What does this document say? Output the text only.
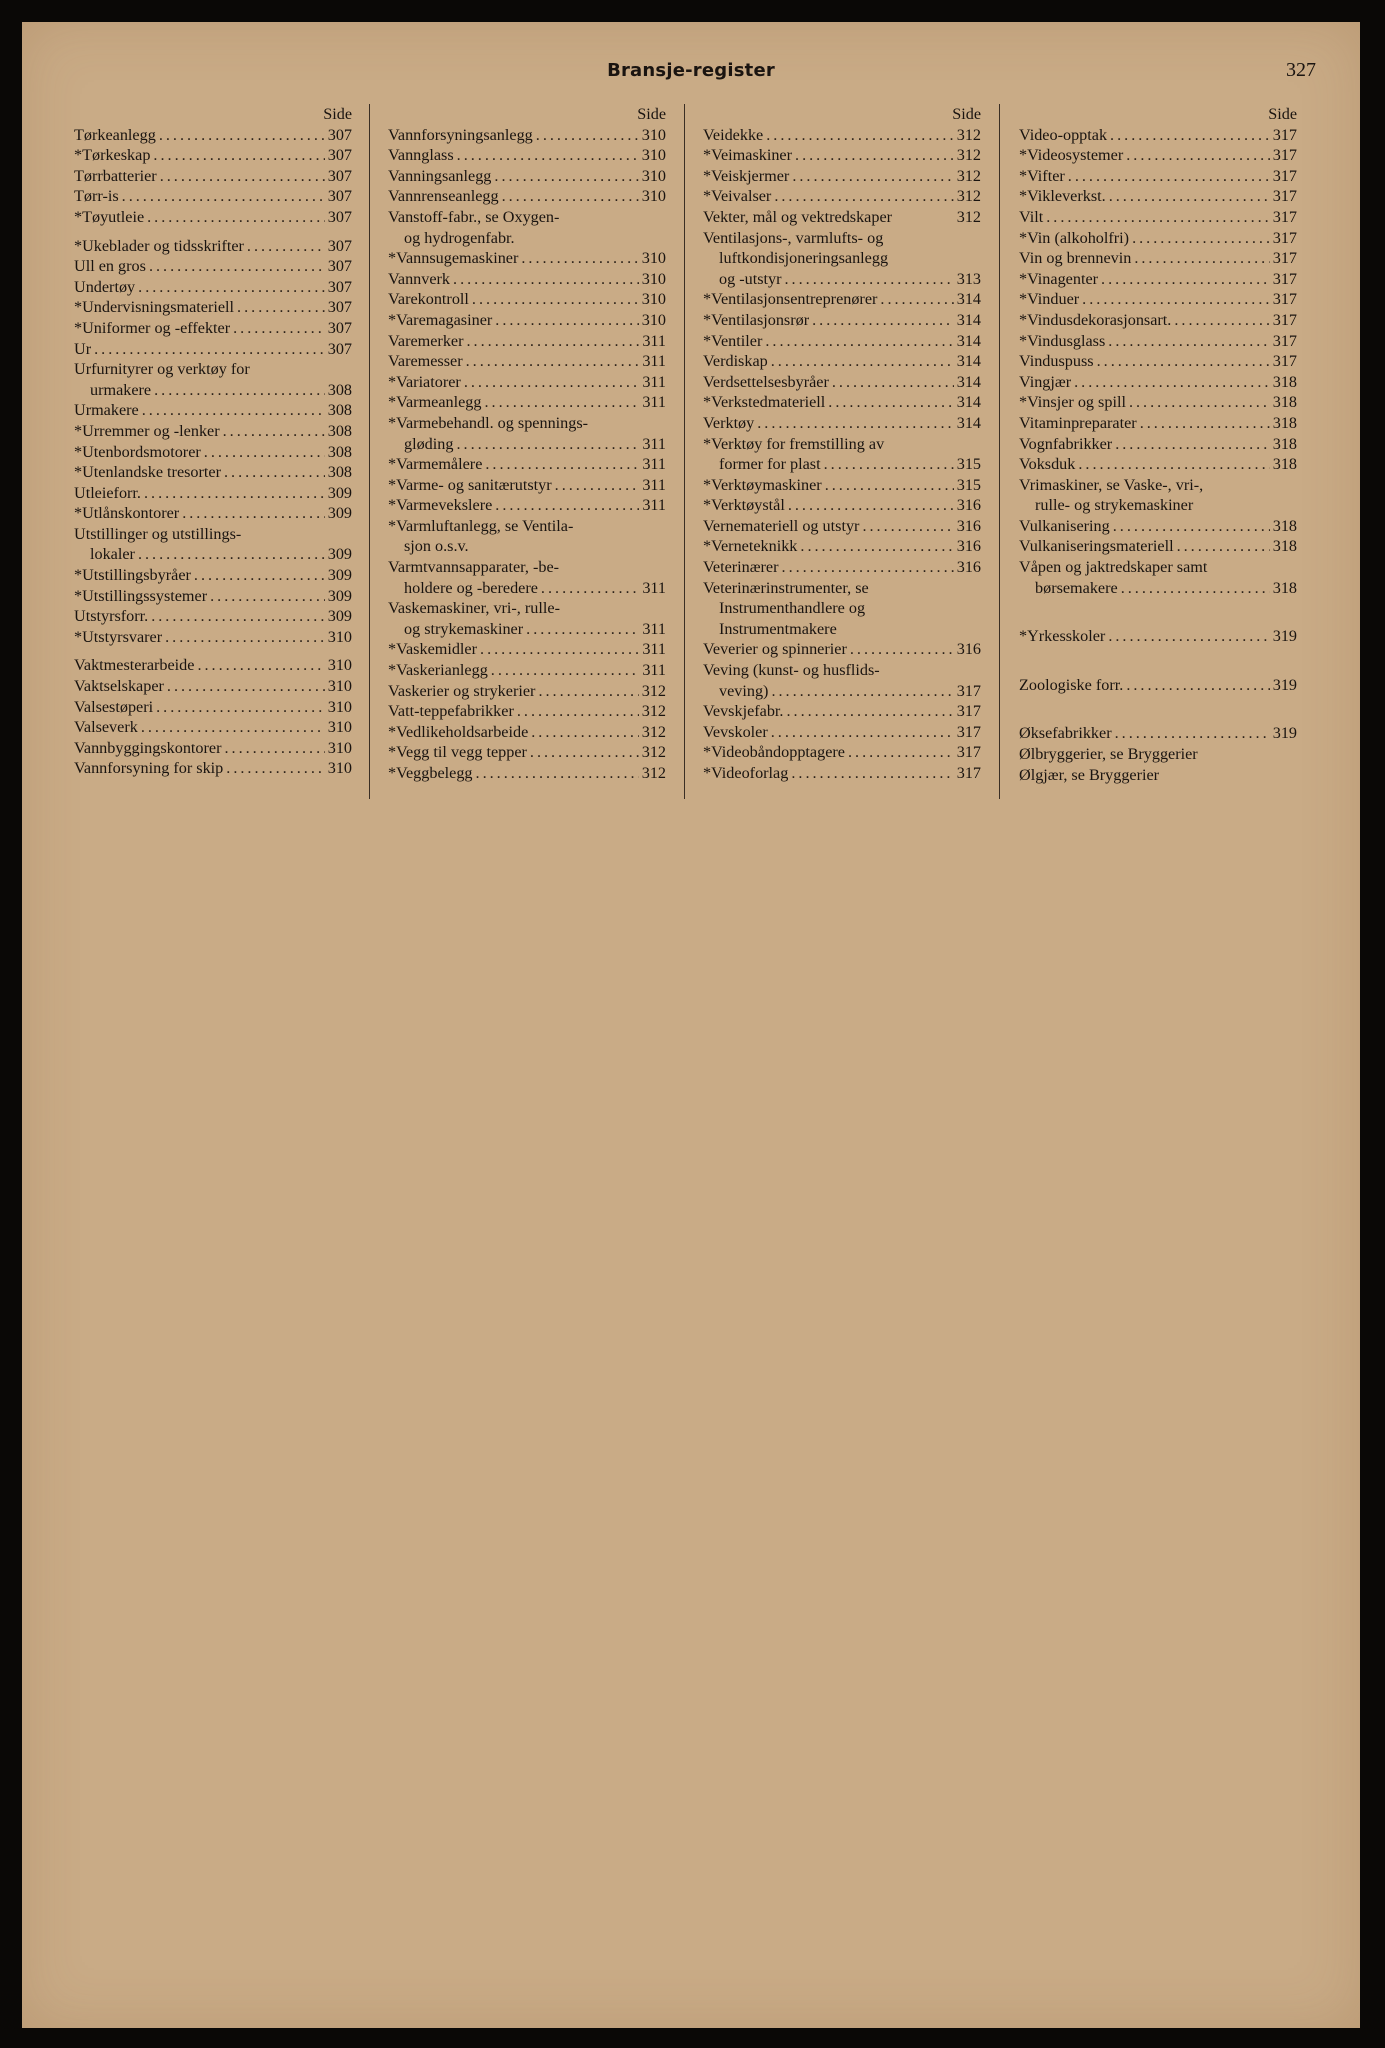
Bransje-register	327
Side
Tørkeanlegg .....	307
*Tørkeskap .....	307
Tørrbatterier .....	307
Tørr-is .....	307
*Tøyutleie .....	307
*Ukeblader og tidsskrifter .....	307
Ull en gros .....	307
Undertøy .....	307
*Undervisningsmateriell .....	307
*Uniformer og -effekter .....	307
Ur .....	307
Urfurnityrer og verktøy for
urmakere .....	308
Urmakere .....	308
*Urremmer og -lenker .....	308
*Utenbordsmotorer .....	308
*Utenlandske tresorter .....	308
Utleieforr. .....	309
*Utlånskontorer .....	309
Utstillinger og utstillings-
lokaler .....	309
*Utstillingsbyråer .....	309
*Utstillingssystemer .....	309
Utstyrsforr. .....	309
*Utstyrsvarer .....	310
Vaktmesterarbeide .....	310
Vaktselskaper .....	310
Valsestøperi .....	310
Valseverk .....	310
Vannbyggingskontorer .....	310
Vannforsyning for skip .....	310
Side
Vannforsyningsanlegg .....	310
Vannglass .....	310
Vanningsanlegg .....	310
Vannrenseanlegg .....	310
Vanstoff-fabr., se Oxygen-
og hydrogenfabr.
*Vannsugemaskiner .....	310
Vannverk .....	310
Varekontroll .....	310
*Varemagasiner .....	310
Varemerker .....	311
Varemesser .....	311
*Variatorer .....	311
*Varmeanlegg .....	311
*Varmebehandl. og spennings-
gløding .....	311
*Varmemålere .....	311
*Varme- og sanitærutstyr .....	311
*Varmevekslere .....	311
*Varmluftanlegg, se Ventila-
sjon o.s.v.
Varmtvannsapparater, -be-
holdere og -beredere .....	311
Vaskemaskiner, vri-, rulle-
og strykemaskiner .....	311
*Vaskemidler .....	311
*Vaskerianlegg .....	311
Vaskerier og strykerier .....	312
Vatt-teppefabrikker .....	312
*Vedlikeholdsarbeide .....	312
*Vegg til vegg tepper .....	312
*Veggbelegg .....	312
Side
Veidekke .....	312
*Veimaskiner .....	312
*Veiskjermer .....	312
*Veivalser .....	312
Vekter, mål og vektredskaper	312
Ventilasjons-, varmlufts- og
luftkondisjoneringsanlegg
og -utstyr .....	313
*Ventilasjonsentreprenører .....	314
*Ventilasjonsrør .....	314
*Ventiler .....	314
Verdiskap .....	314
Verdsettelsesbyråer .....	314
*Verkstedmateriell .....	314
Verktøy .....	314
*Verktøy for fremstilling av
former for plast .....	315
*Verktøymaskiner .....	315
*Verktøystål .....	316
Vernemateriell og utstyr .....	316
*Verneteknikk .....	316
Veterinærer .....	316
Veterinærinstrumenter, se
Instrumenthandlere og
Instrumentmakere
Veverier og spinnerier .....	316
Veving (kunst- og husflids-
veving) .....	317
Vevskjefabr. .....	317
Vevskoler .....	317
*Videobåndopptagere .....	317
*Videoforlag .....	317
Side
Video-opptak .....	317
*Videosystemer .....	317
*Vifter .....	317
*Vikleverkst. .....	317
Vilt .....	317
*Vin (alkoholfri) .....	317
Vin og brennevin .....	317
*Vinagenter .....	317
*Vinduer .....	317
*Vindusdekorasjonsart. .....	317
*Vindusglass .....	317
Vinduspuss .....	317
Vingjær .....	318
*Vinsjer og spill .....	318
Vitaminpreparater .....	318
Vognfabrikker .....	318
Voksduk .....	318
Vrimaskiner, se Vaske-, vri-,
rulle- og strykemaskiner
Vulkanisering .....	318
Vulkaniseringsmateriell .....	318
Våpen og jaktredskaper samt
børsemakere .....	318
*Yrkesskoler .....	319
Zoologiske forr. .....	319
Øksefabrikker .....	319
Ølbryggerier, se Bryggerier
Ølgjær, se Bryggerier
